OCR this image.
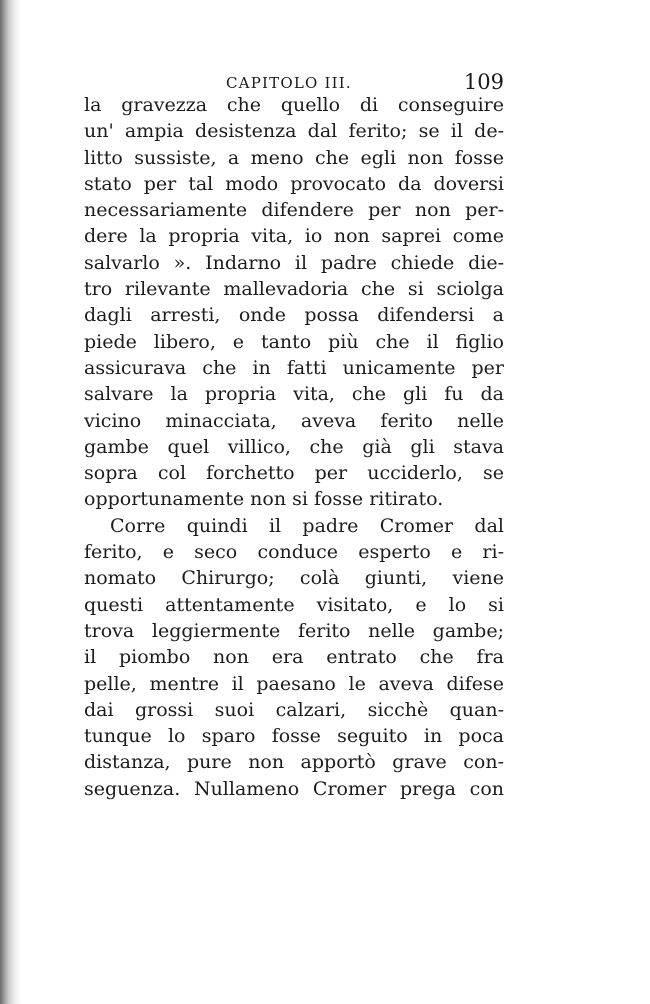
CAPITOLO III.	109
la gravezza che quello di conseguire
un' ampia desistenza dal ferito; se il de-
litto sussiste, a meno che egli non fosse
stato per tal modo provocato da doversi
necessariamente difendere per non per-
dere la propria vita, io non saprei come
salvarlo ». Indarno il padre chiede die-
tro rilevante mallevadoria che si sciolga
dagli arresti, onde possa difendersi a
piede libero, e tanto più che il figlio
assicurava che in fatti unicamente per
salvare la propria vita, che gli fu da
vicino minacciata, aveva ferito nelle
gambe quel villico, che già gli stava
sopra col forchetto per ucciderlo, se
opportunamente non si fosse ritirato.
Corre quindi il padre Cromer dal
ferito, e seco conduce esperto e ri-
nomato Chirurgo; colà giunti, viene
questi attentamente visitato, e lo si
trova leggiermente ferito nelle gambe;
il piombo non era entrato che fra
pelle, mentre il paesano le aveva difese
dai grossi suoi calzari, sicchè quan-
tunque lo sparo fosse seguito in poca
distanza, pure non apportò grave con-
seguenza. Nullameno Cromer prega con
